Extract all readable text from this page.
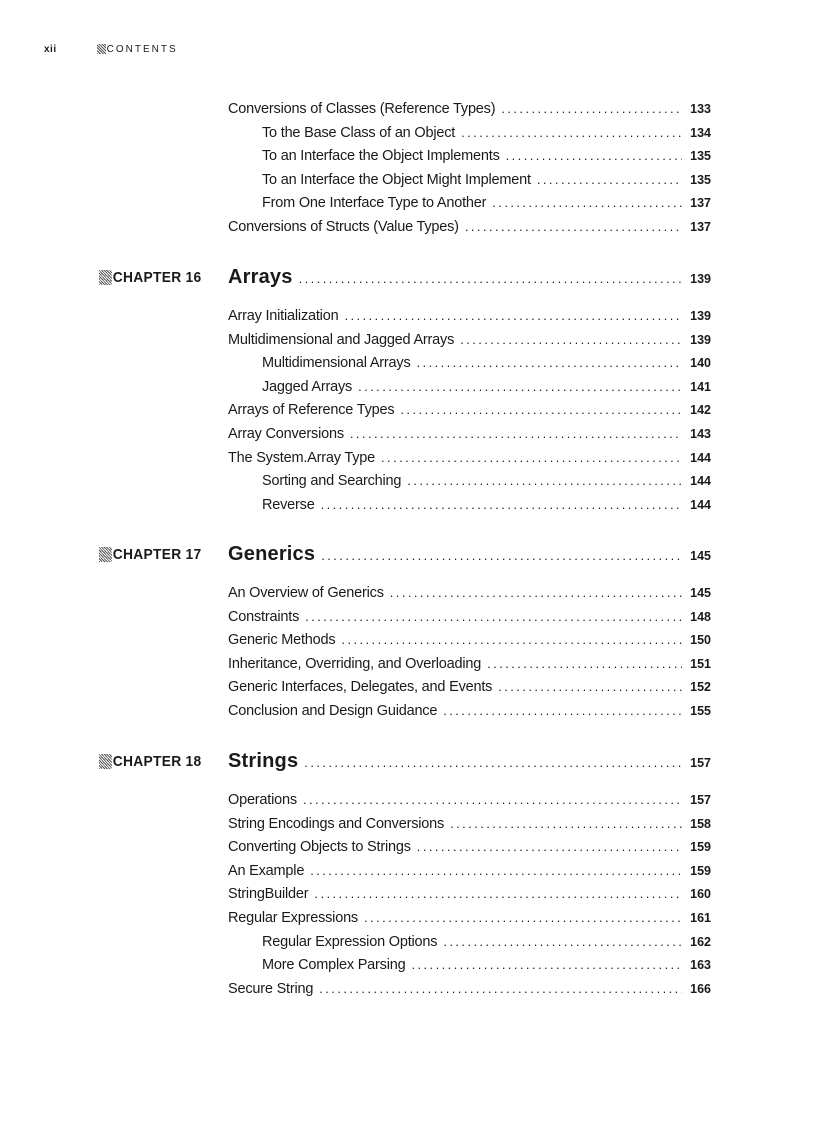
xii	CONTENTS
Conversions of Classes (Reference Types) . . .	133
To the Base Class of an Object . . .	134
To an Interface the Object Implements . . .	135
To an Interface the Object Might Implement . . .	135
From One Interface Type to Another . . .	137
Conversions of Structs (Value Types) . . .	137
CHAPTER 16 Arrays . . .	139
Array Initialization . . .	139
Multidimensional and Jagged Arrays . . .	139
Multidimensional Arrays . . .	140
Jagged Arrays . . .	141
Arrays of Reference Types . . .	142
Array Conversions . . .	143
The System.Array Type . . .	144
Sorting and Searching . . .	144
Reverse . . .	144
CHAPTER 17 Generics . . .	145
An Overview of Generics . . .	145
Constraints . . .	148
Generic Methods . . .	150
Inheritance, Overriding, and Overloading . . .	151
Generic Interfaces, Delegates, and Events . . .	152
Conclusion and Design Guidance . . .	155
CHAPTER 18 Strings . . .	157
Operations . . .	157
String Encodings and Conversions . . .	158
Converting Objects to Strings . . .	159
An Example . . .	159
StringBuilder . . .	160
Regular Expressions . . .	161
Regular Expression Options . . .	162
More Complex Parsing . . .	163
Secure String . . .	166
